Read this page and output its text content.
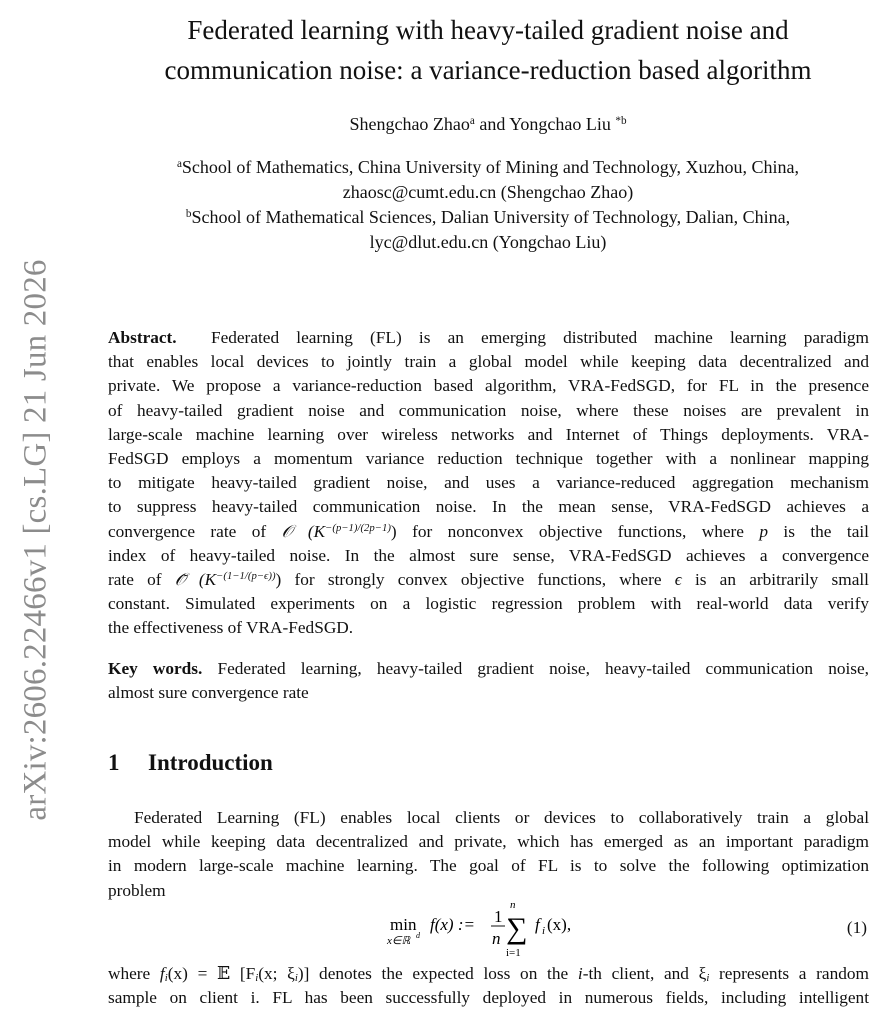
arXiv:2606.22466v1 [cs.LG] 21 Jun 2026
Federated learning with heavy-tailed gradient noise and
communication noise: a variance-reduction based algorithm
Shengchao Zhao$^a$ and Yongchao Liu $^{*b}$
$^a$School of Mathematics, China University of Mining and Technology, Xuzhou, China,
zhaosc@cumt.edu.cn (Shengchao Zhao)
$^b$School of Mathematical Sciences, Dalian University of Technology, Dalian, China,
lyc@dlut.edu.cn (Yongchao Liu)
Abstract. Federated learning (FL) is an emerging distributed machine learning paradigm
that enables local devices to jointly train a global model while keeping data decentralized and
private. We propose a variance-reduction based algorithm, VRA-FedSGD, for FL in the presence
of heavy-tailed gradient noise and communication noise, where these noises are prevalent in
large-scale machine learning over wireless networks and Internet of Things deployments. VRA-
FedSGD employs a momentum variance reduction technique together with a nonlinear mapping
to mitigate heavy-tailed gradient noise, and uses a variance-reduced aggregation mechanism
to suppress heavy-tailed communication noise. In the mean sense, VRA-FedSGD achieves a
convergence rate of 𝒪 $(K^{-(p-1)/(2p-1)})$ for nonconvex objective functions, where p is the tail
index of heavy-tailed noise. In the almost sure sense, VRA-FedSGD achieves a convergence
rate of 𝒪̃ $(K^{-(1-1/(p-\epsilon))})$ for strongly convex objective functions, where ϵ is an arbitrarily small
constant. Simulated experiments on a logistic regression problem with real-world data verify
the effectiveness of VRA-FedSGD.
Key words. Federated learning, heavy-tailed gradient noise, heavy-tailed communication noise,
almost sure convergence rate
1 Introduction
Federated Learning (FL) enables local clients or devices to collaboratively train a global
model while keeping data decentralized and private, which has emerged as an important paradigm
in modern large-scale machine learning. The goal of FL is to solve the following optimization
problem
min
x∈ℝ d
f(x) := 1
n
n
∑
i=1
f i (x),	(1)
where $f_i(x)$ = 𝔼 [$F_i(x$; $\xi_i$)] denotes the expected loss on the i-th client, and $\xi_i$ represents a random
sample on client i. FL has been successfully deployed in numerous fields, including intelligent
